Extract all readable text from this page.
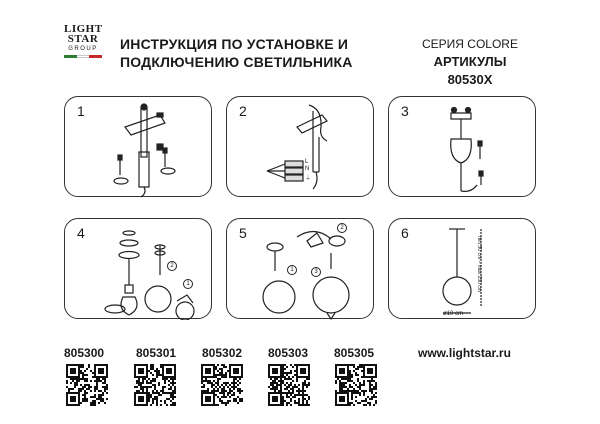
LIGHT
STAR
GROUP	ИНСТРУКЦИЯ ПО УСТАНОВКЕ И
ПОДКЛЮЧЕНИЮ СВЕТИЛЬНИКА
СЕРИЯ COLORE
АРТИКУЛЫ 80530X
1	2
L
N
⏚
3
4
1
2
5
1
2
3
6
min 50 cm – max 150 cm
ø10 cm
805300	805301 805302 805303 805305	www.lightstar.ru
